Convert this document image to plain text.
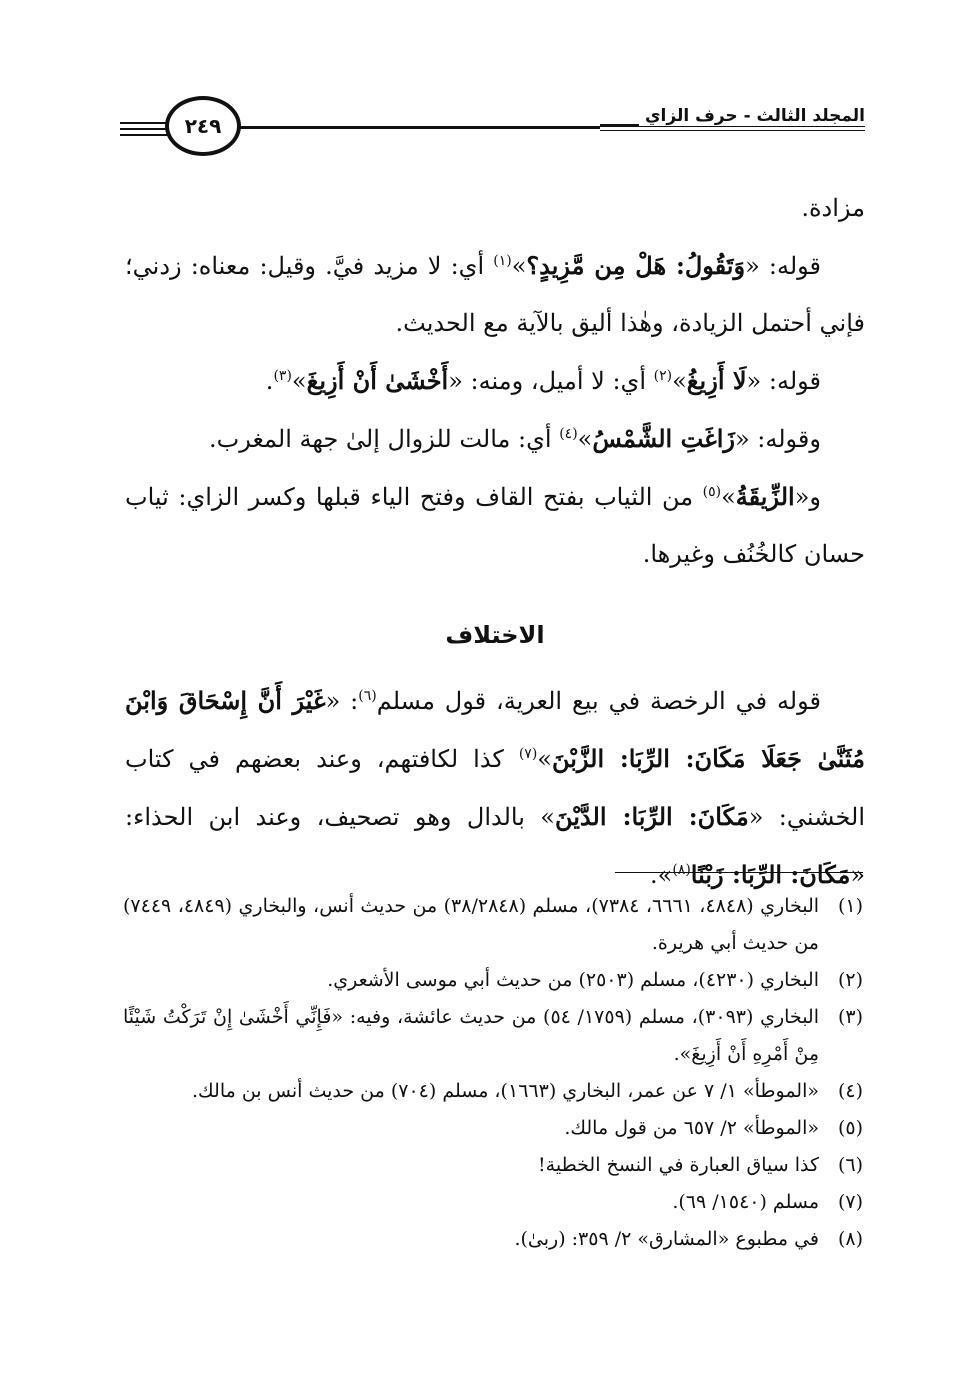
المجلد الثالث - حرف الزاي
٢٤٩

مزادة.

قوله: «وَتَقُولُ: هَلْ مِن مَّزِيدٍ؟»$^{(١)}$ أي: لا مزيد فيَّ. وقيل: معناه: زدني؛ فإني أحتمل الزيادة، وهٰذا أليق بالآية مع الحديث.

قوله: «لَا أَزِيغُ»$^{(٢)}$ أي: لا أميل، ومنه: «أَخْشَىٰ أَنْ أَزِيغَ»$^{(٣)}$.

وقوله: «زَاغَتِ الشَّمْسُ»$^{(٤)}$ أي: مالت للزوال إلىٰ جهة المغرب.

و«الزِّيقَةُ»$^{(٥)}$ من الثياب بفتح القاف وفتح الياء قبلها وكسر الزاي: ثياب حسان كالخُنُف وغيرها.

الاختلاف

قوله في الرخصة في بيع العرية، قول مسلم$^{(٦)}$: «غَيْرَ أَنَّ إِسْحَاقَ وَابْنَ مُثَنَّىٰ جَعَلَا مَكَانَ: الرِّبَا: الزَّبْنَ»$^{(٧)}$ كذا لكافتهم، وعند بعضهم في كتاب الخشني: «مَكَانَ: الرِّبَا: الدَّيْنَ» بالدال وهو تصحيف، وعند ابن الحذاء: «مَكَانَ: الرِّبَا: زَبْنًا$^{(٨)}$».

(١)
البخاري (٤٨٤٨، ٦٦٦١، ٧٣٨٤)، مسلم (٣٨/٢٨٤٨) من حديث أنس، والبخاري (٤٨٤٩، ٧٤٤٩) من حديث أبي هريرة.
(٢)
البخاري (٤٢٣٠)، مسلم (٢٥٠٣) من حديث أبي موسى الأشعري.
(٣)
البخاري (٣٠٩٣)، مسلم (١٧٥٩/ ٥٤) من حديث عائشة، وفيه: «فَإِنِّي أَخْشَىٰ إِنْ تَرَكْتُ شَيْئًا مِنْ أَمْرِهِ أَنْ أَزِيغَ».
(٤)
«الموطأ» ١/ ٧ عن عمر، البخاري (١٦٦٣)، مسلم (٧٠٤) من حديث أنس بن مالك.
(٥)
«الموطأ» ٢/ ٦٥٧ من قول مالك.
(٦)
كذا سياق العبارة في النسخ الخطية!
(٧)
مسلم (١٥٤٠/ ٦٩).
(٨)
في مطبوع «المشارق» ٢/ ٣٥٩: (ربىٰ).
